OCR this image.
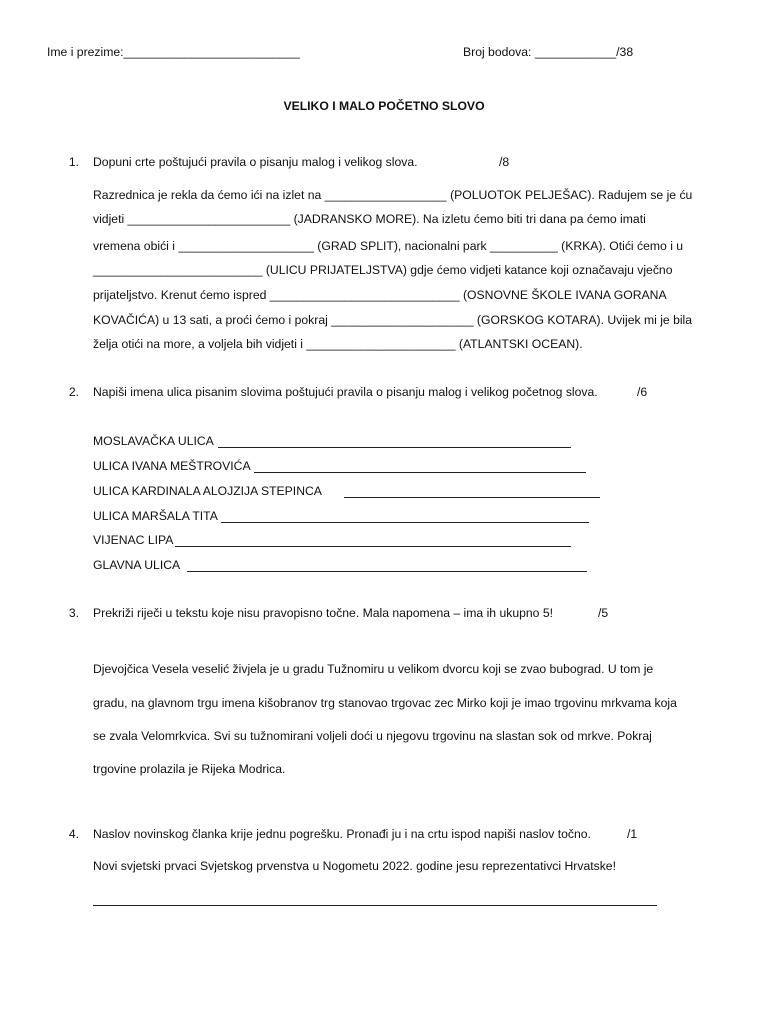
Ime i prezime:__________________________	Broj bodova: ____________/38
VELIKO I MALO POČETNO SLOVO
1. Dopuni crte poštujući pravila o pisanju malog i velikog slova.	/8
Razrednica je rekla da ćemo ići na izlet na __________________ (POLUOTOK PELJEŠAC). Radujem se je ću
vidjeti ________________________ (JADRANSKO MORE). Na izletu ćemo biti tri dana pa ćemo imati
vremena obići i ____________________ (GRAD SPLIT), nacionalni park __________ (KRKA). Otići ćemo i u
_________________________ (ULICU PRIJATELJSTVA) gdje ćemo vidjeti katance koji označavaju vječno
prijateljstvo. Krenut ćemo ispred ____________________________ (OSNOVNE ŠKOLE IVANA GORANA
KOVAČIĆA) u 13 sati, a proći ćemo i pokraj _____________________ (GORSKOG KOTARA). Uvijek mi je bila
želja otići na more, a voljela bih vidjeti i ______________________ (ATLANTSKI OCEAN).
2. Napiši imena ulica pisanim slovima poštujući pravila o pisanju malog i velikog početnog slova.	/6
MOSLAVAČKA ULICA
ULICA IVANA MEŠTROVIĆA
ULICA KARDINALA ALOJZIJA STEPINCA
ULICA MARŠALA TITA
VIJENAC LIPA
GLAVNA ULICA
3. Prekriži riječi u tekstu koje nisu pravopisno točne. Mala napomena – ima ih ukupno 5!	/5
Djevojčica Vesela veselić živjela je u gradu Tužnomiru u velikom dvorcu koji se zvao bubograd. U tom je
gradu, na glavnom trgu imena kišobranov trg stanovao trgovac zec Mirko koji je imao trgovinu mrkvama koja
se zvala Velomrkvica. Svi su tužnomirani voljeli doći u njegovu trgovinu na slastan sok od mrkve. Pokraj
trgovine prolazila je Rijeka Modrica.
4. Naslov novinskog članka krije jednu pogrešku. Pronađi ju i na crtu ispod napiši naslov točno.	/1
Novi svjetski prvaci Svjetskog prvenstva u Nogometu 2022. godine jesu reprezentativci Hrvatske!
